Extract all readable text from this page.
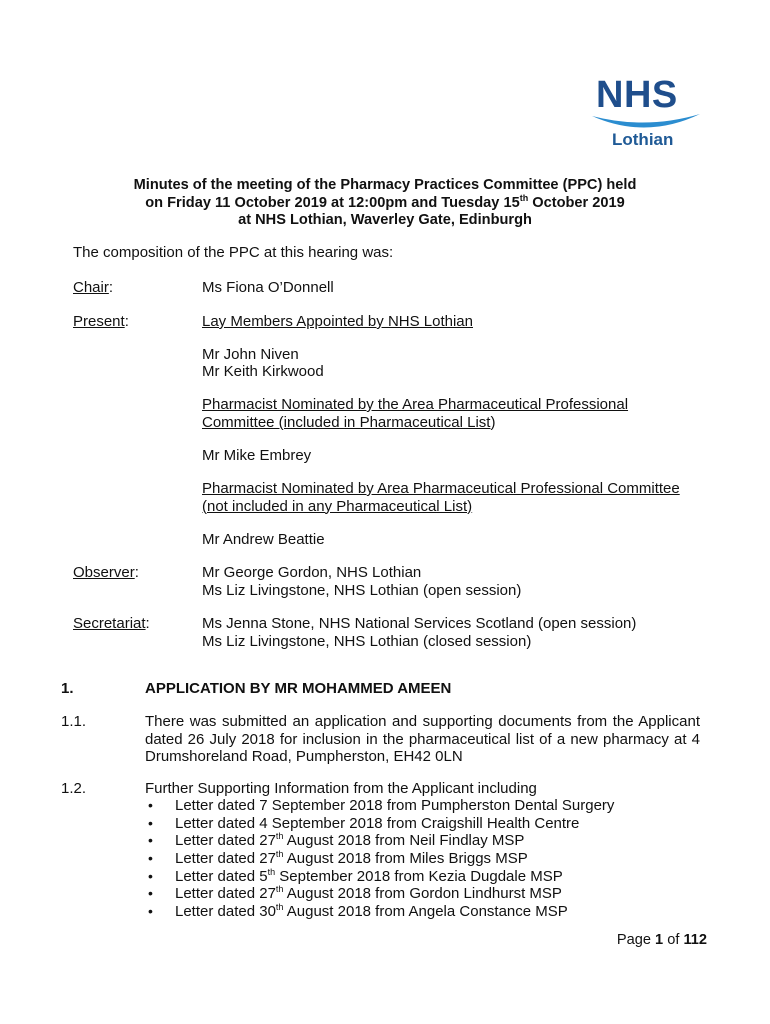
NHS
Lothian
Minutes of the meeting of the Pharmacy Practices Committee (PPC) held
on Friday 11 October 2019 at 12:00pm and Tuesday 15th October 2019
at NHS Lothian, Waverley Gate, Edinburgh
The composition of the PPC at this hearing was:
Chair:	Ms Fiona O’Donnell
Present:	Lay Members Appointed by NHS Lothian
Mr John Niven
Mr Keith Kirkwood
Pharmacist Nominated by the Area Pharmaceutical Professional
Committee (included in Pharmaceutical List)
Mr Mike Embrey
Pharmacist Nominated by Area Pharmaceutical Professional Committee
(not included in any Pharmaceutical List)
Mr Andrew Beattie
Observer:	Mr George Gordon, NHS Lothian
Ms Liz Livingstone, NHS Lothian (open session)
Secretariat:	Ms Jenna Stone, NHS National Services Scotland (open session)
Ms Liz Livingstone, NHS Lothian (closed session)
1.	APPLICATION BY MR MOHAMMED AMEEN
1.1.	There was submitted an application and supporting documents from the Applicant dated 26 July 2018 for inclusion in the pharmaceutical list of a new pharmacy at 4 Drumshoreland Road, Pumpherston, EH42 0LN
1.2.	Further Supporting Information from the Applicant including
• Letter dated 7 September 2018 from Pumpherston Dental Surgery
• Letter dated 4 September 2018 from Craigshill Health Centre
• Letter dated 27th August 2018 from Neil Findlay MSP
• Letter dated 27th August 2018 from Miles Briggs MSP
• Letter dated 5th September 2018 from Kezia Dugdale MSP
• Letter dated 27th August 2018 from Gordon Lindhurst MSP
• Letter dated 30th August 2018 from Angela Constance MSP
Page 1 of 112
